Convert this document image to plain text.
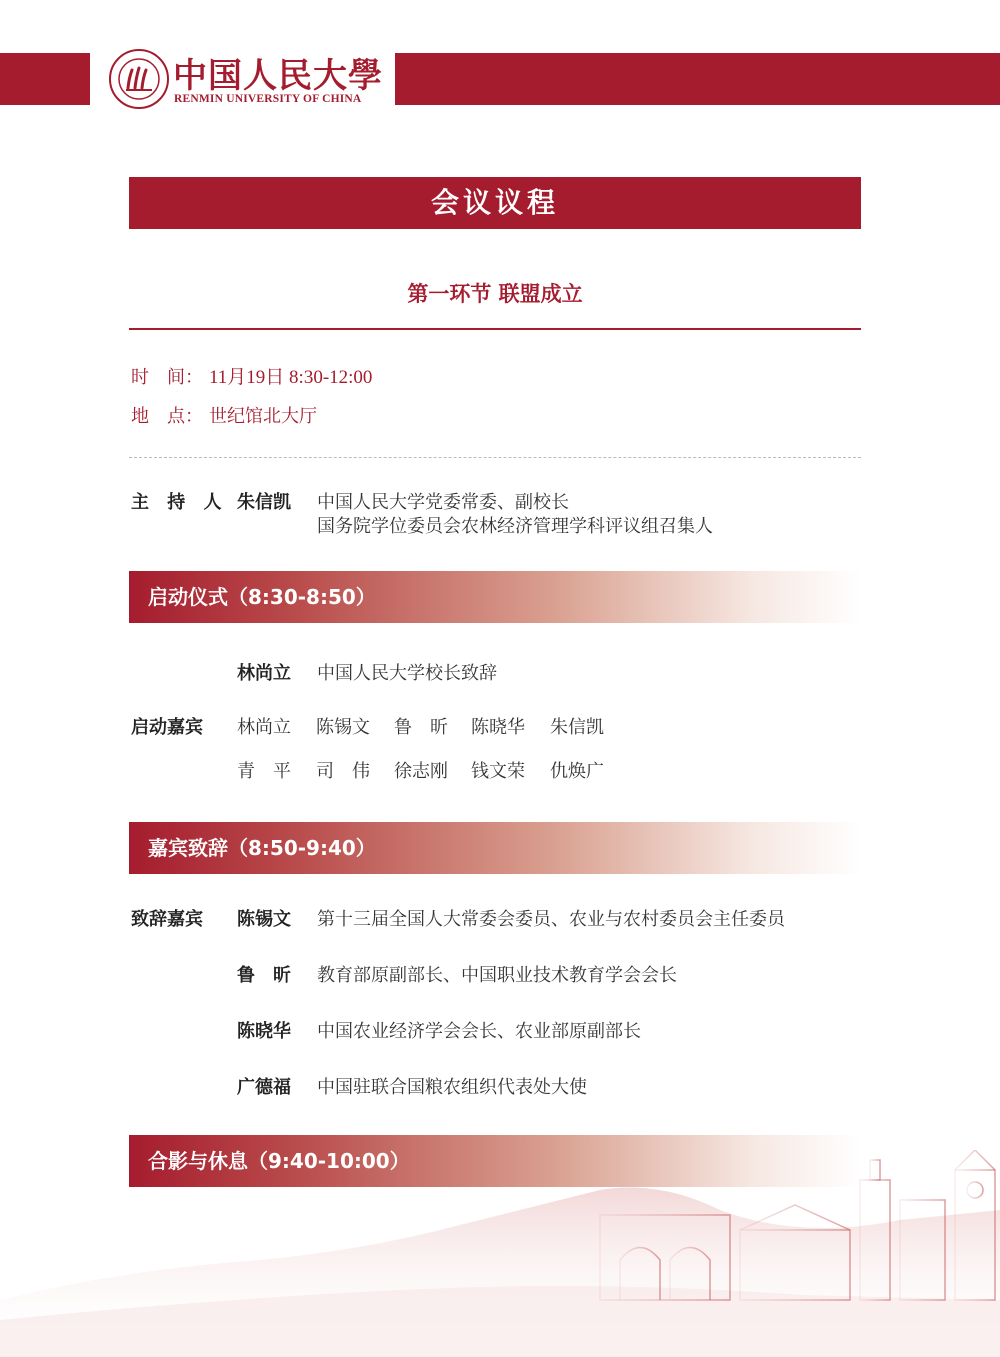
中国人民大學
RENMIN UNIVERSITY OF CHINA
会议议程
第一环节 联盟成立
时　间： 11月19日 8:30-12:00
地　点： 世纪馆北大厅
主 持 人 朱信凯 中国人民大学党委常委、副校长
国务院学位委员会农林经济管理学科评议组召集人
启动仪式（8:30-8:50）
林尚立 中国人民大学校长致辞
启动嘉宾 林尚立 陈锡文 鲁　昕 陈晓华 朱信凯
青　平 司　伟 徐志刚 钱文荣 仇焕广
嘉宾致辞（8:50-9:40）
致辞嘉宾 陈锡文 第十三届全国人大常委会委员、农业与农村委员会主任委员
鲁　昕 教育部原副部长、中国职业技术教育学会会长
陈晓华 中国农业经济学会会长、农业部原副部长
广德福 中国驻联合国粮农组织代表处大使
合影与休息（9:40-10:00）
